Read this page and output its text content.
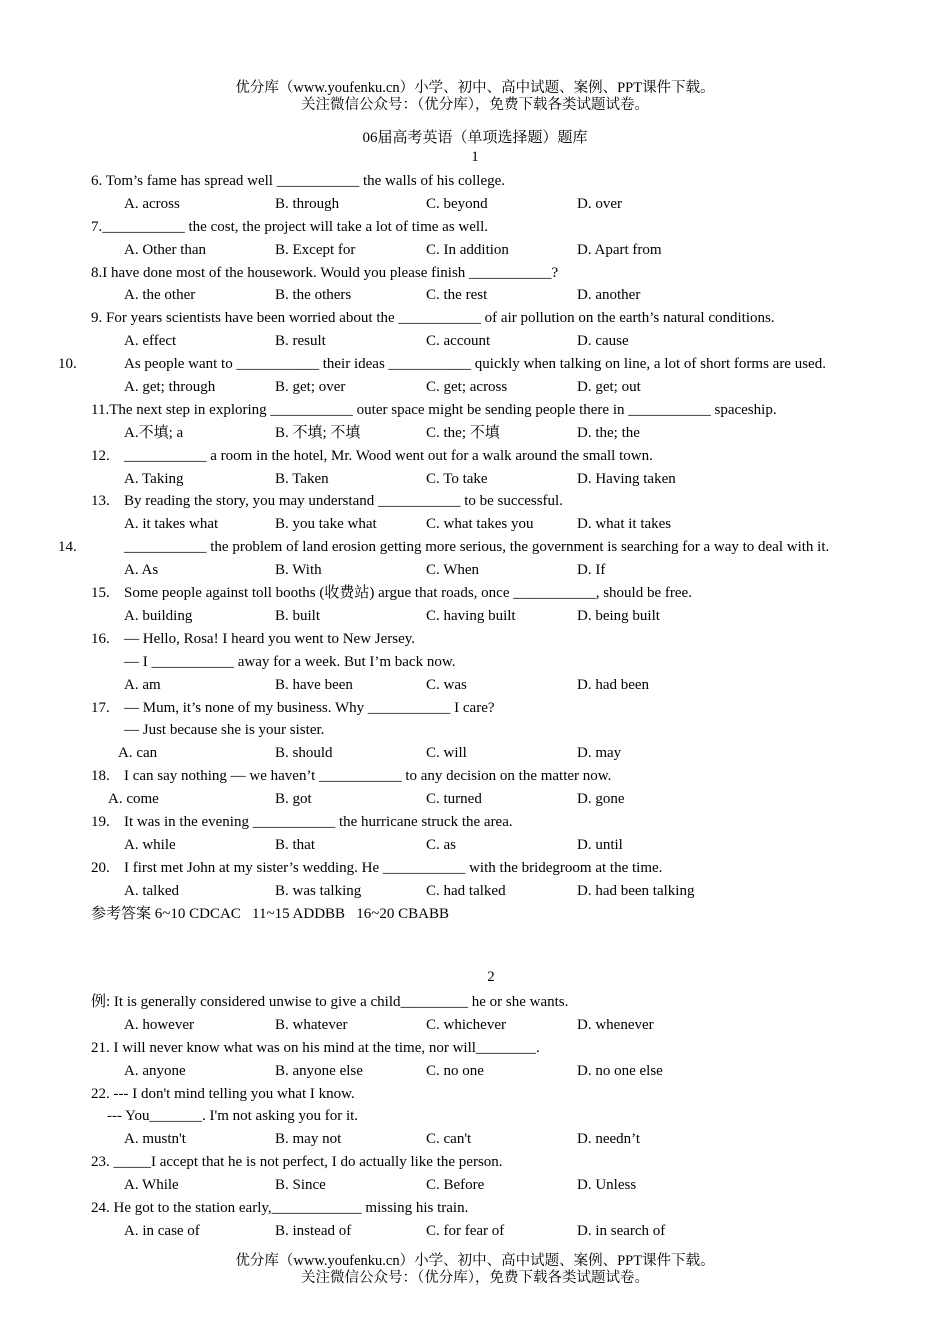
优分库（www.youfenku.cn）小学、初中、高中试题、案例、PPT课件下载。
关注微信公众号：（优分库），免费下载各类试题试卷。
06届高考英语（单项选择题）题库
1
6. Tom’s fame has spread well ___________ the walls of his college.
A. across	B. through	C. beyond	D. over
7.___________ the cost, the project will take a lot of time as well.
A. Other than	B. Except for	C. In addition	D. Apart from
8.I have done most of the housework. Would you please finish ___________?
A. the other	B. the others	C. the rest	D. another
9. For years scientists have been worried about the ___________ of air pollution on the earth’s natural conditions.
A. effect	B. result	C. account	D. cause
10.	As people want to ___________ their ideas ___________ quickly when talking on line, a lot of short forms are used.
A. get; through	B. get; over	C. get; across	D. get; out
11.The next step in exploring ___________ outer space might be sending people there in ___________ spaceship.
A.不填; a	B. 不填; 不填	C. the; 不填	D. the; the
12. ___________ a room in the hotel, Mr. Wood went out for a walk around the small town.
A. Taking	B. Taken	C. To take	D. Having taken
13. By reading the story, you may understand ___________ to be successful.
A. it takes what	B. you take what	C. what takes you	D. what it takes
14.	___________ the problem of land erosion getting more serious, the government is searching for a way to deal with it.
A. As	B. With	C. When	D. If
15. Some people against toll booths (收费站) argue that roads, once ___________, should be free.
A. building	B. built	C. having built	D. being built
16. — Hello, Rosa! I heard you went to New Jersey.
— I ___________ away for a week. But I’m back now.
A. am	B. have been	C. was	D. had been
17. — Mum, it’s none of my business. Why ___________ I care?
— Just because she is your sister.
A. can	B. should	C. will	D. may
18. I can say nothing — we haven’t ___________ to any decision on the matter now.
A. come	B. got	C. turned	D. gone
19. It was in the evening ___________ the hurricane struck the area.
A. while	B. that	C. as	D. until
20. I first met John at my sister’s wedding. He ___________ with the bridegroom at the time.
A. talked	B. was talking	C. had talked	D. had been talking
参考答案 6~10 CDCAC   11~15 ADDBB   16~20 CBABB
2
例: It is generally considered unwise to give a child_________ he or she wants.
A. however	B. whatever	C. whichever	D. whenever
21. I will never know what was on his mind at the time, nor will________.
A. anyone	B. anyone else	C. no one	D. no one else
22. --- I don't mind telling you what I know.
--- You_______. I'm not asking you for it.
A. mustn't	B. may not	C. can't	D. needn’t
23. _____I accept that he is not perfect, I do actually like the person.
A. While	B. Since	C. Before	D. Unless
24. He got to the station early,____________ missing his train.
A. in case of	B. instead of	C. for fear of	D. in search of
优分库（www.youfenku.cn）小学、初中、高中试题、案例、PPT课件下载。
关注微信公众号：（优分库），免费下载各类试题试卷。
